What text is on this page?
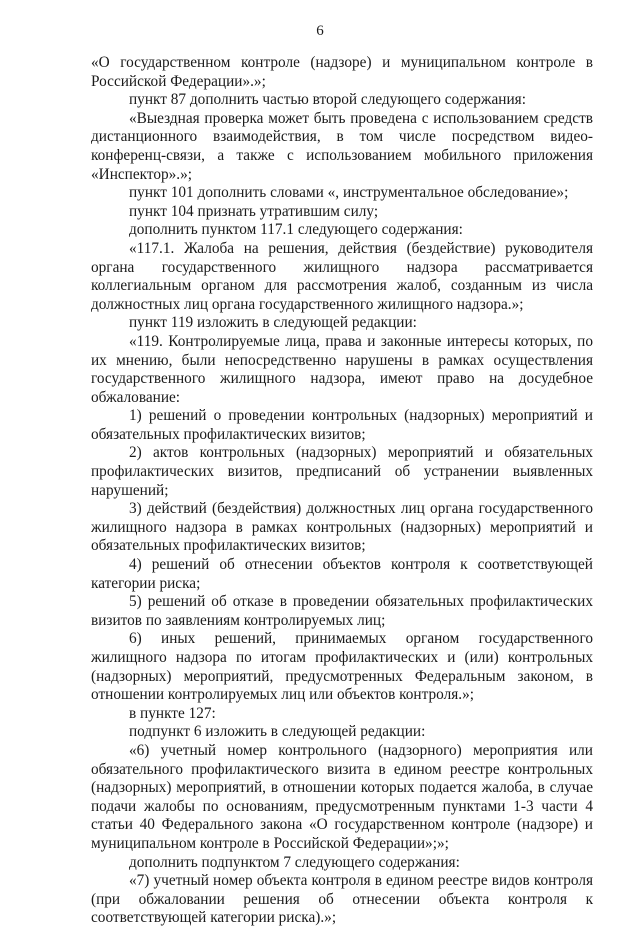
6

«О государственном контроле (надзоре) и муниципальном контроле в Российской Федерации».»;

пункт 87 дополнить частью второй следующего содержания:

«Выездная проверка может быть проведена с использованием средств дистанционного взаимодействия, в том числе посредством видео-конференц-связи, а также с использованием мобильного приложения «Инспектор».»;

пункт 101 дополнить словами «, инструментальное обследование»;

пункт 104 признать утратившим силу;

дополнить пунктом 117.1 следующего содержания:

«117.1. Жалоба на решения, действия (бездействие) руководителя органа государственного жилищного надзора рассматривается коллегиальным органом для рассмотрения жалоб, созданным из числа должностных лиц органа государственного жилищного надзора.»;

пункт 119 изложить в следующей редакции:

«119. Контролируемые лица, права и законные интересы которых, по их мнению, были непосредственно нарушены в рамках осуществления государственного жилищного надзора, имеют право на досудебное обжалование:

1) решений о проведении контрольных (надзорных) мероприятий и обязательных профилактических визитов;

2) актов контрольных (надзорных) мероприятий и обязательных профилактических визитов, предписаний об устранении выявленных нарушений;

3) действий (бездействия) должностных лиц органа государственного жилищного надзора в рамках контрольных (надзорных) мероприятий и обязательных профилактических визитов;

4) решений об отнесении объектов контроля к соответствующей категории риска;

5) решений об отказе в проведении обязательных профилактических визитов по заявлениям контролируемых лиц;

6) иных решений, принимаемых органом государственного жилищного надзора по итогам профилактических и (или) контрольных (надзорных) мероприятий, предусмотренных Федеральным законом, в отношении контролируемых лиц или объектов контроля.»;

в пункте 127:

подпункт 6 изложить в следующей редакции:

«6) учетный номер контрольного (надзорного) мероприятия или обязательного профилактического визита в едином реестре контрольных (надзорных) мероприятий, в отношении которых подается жалоба, в случае подачи жалобы по основаниям, предусмотренным пунктами 1-3 части 4 статьи 40 Федерального закона «О государственном контроле (надзоре) и муниципальном контроле в Российской Федерации»;»;

дополнить подпунктом 7 следующего содержания:

«7) учетный номер объекта контроля в едином реестре видов контроля (при обжаловании решения об отнесении объекта контроля к соответствующей категории риска).»;
